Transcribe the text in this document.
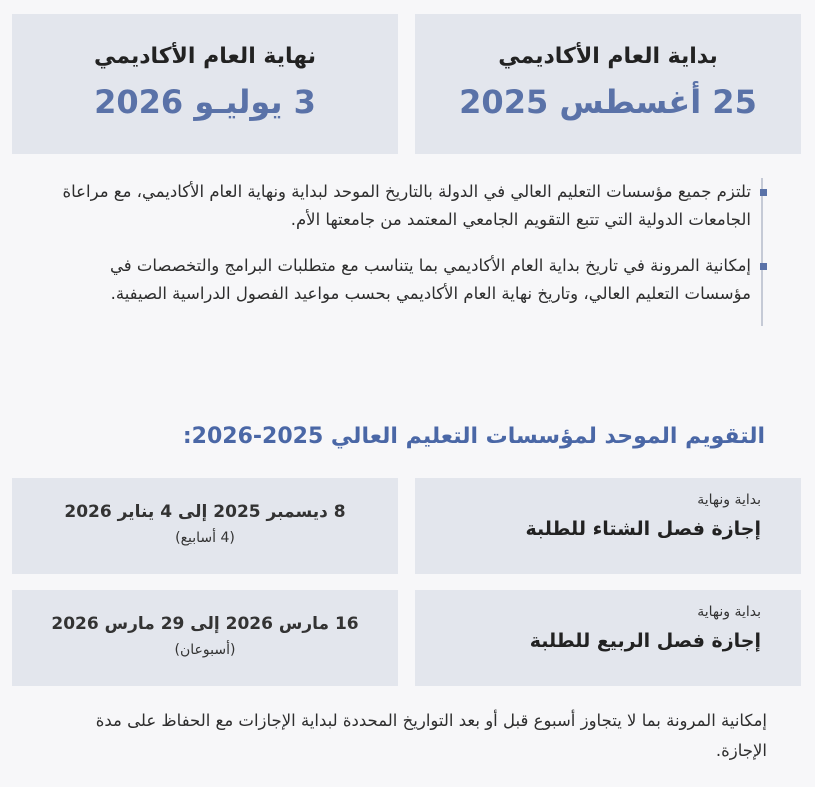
بداية العام الأكاديمي
25 أغسطس 2025
نهاية العام الأكاديمي
3 يوليـو 2026
تلتزم جميع مؤسسات التعليم العالي في الدولة بالتاريخ الموحد لبداية ونهاية العام الأكاديمي، مع مراعاة الجامعات الدولية التي تتبع التقويم الجامعي المعتمد من جامعتها الأم.
إمكانية المرونة في تاريخ بداية العام الأكاديمي بما يتناسب مع متطلبات البرامج والتخصصات في مؤسسات التعليم العالي، وتاريخ نهاية العام الأكاديمي بحسب مواعيد الفصول الدراسية الصيفية.
التقويم الموحد لمؤسسات التعليم العالي 2025-2026:
بداية ونهاية
إجازة فصل الشتاء للطلبة
8 ديسمبر 2025 إلى 4 يناير 2026
(4 أسابيع)
بداية ونهاية
إجازة فصل الربيع للطلبة
16 مارس 2026 إلى 29 مارس 2026
(أسبوعان)
إمكانية المرونة بما لا يتجاوز أسبوع قبل أو بعد التواريخ المحددة لبداية الإجازات مع الحفاظ على مدة الإجازة.
